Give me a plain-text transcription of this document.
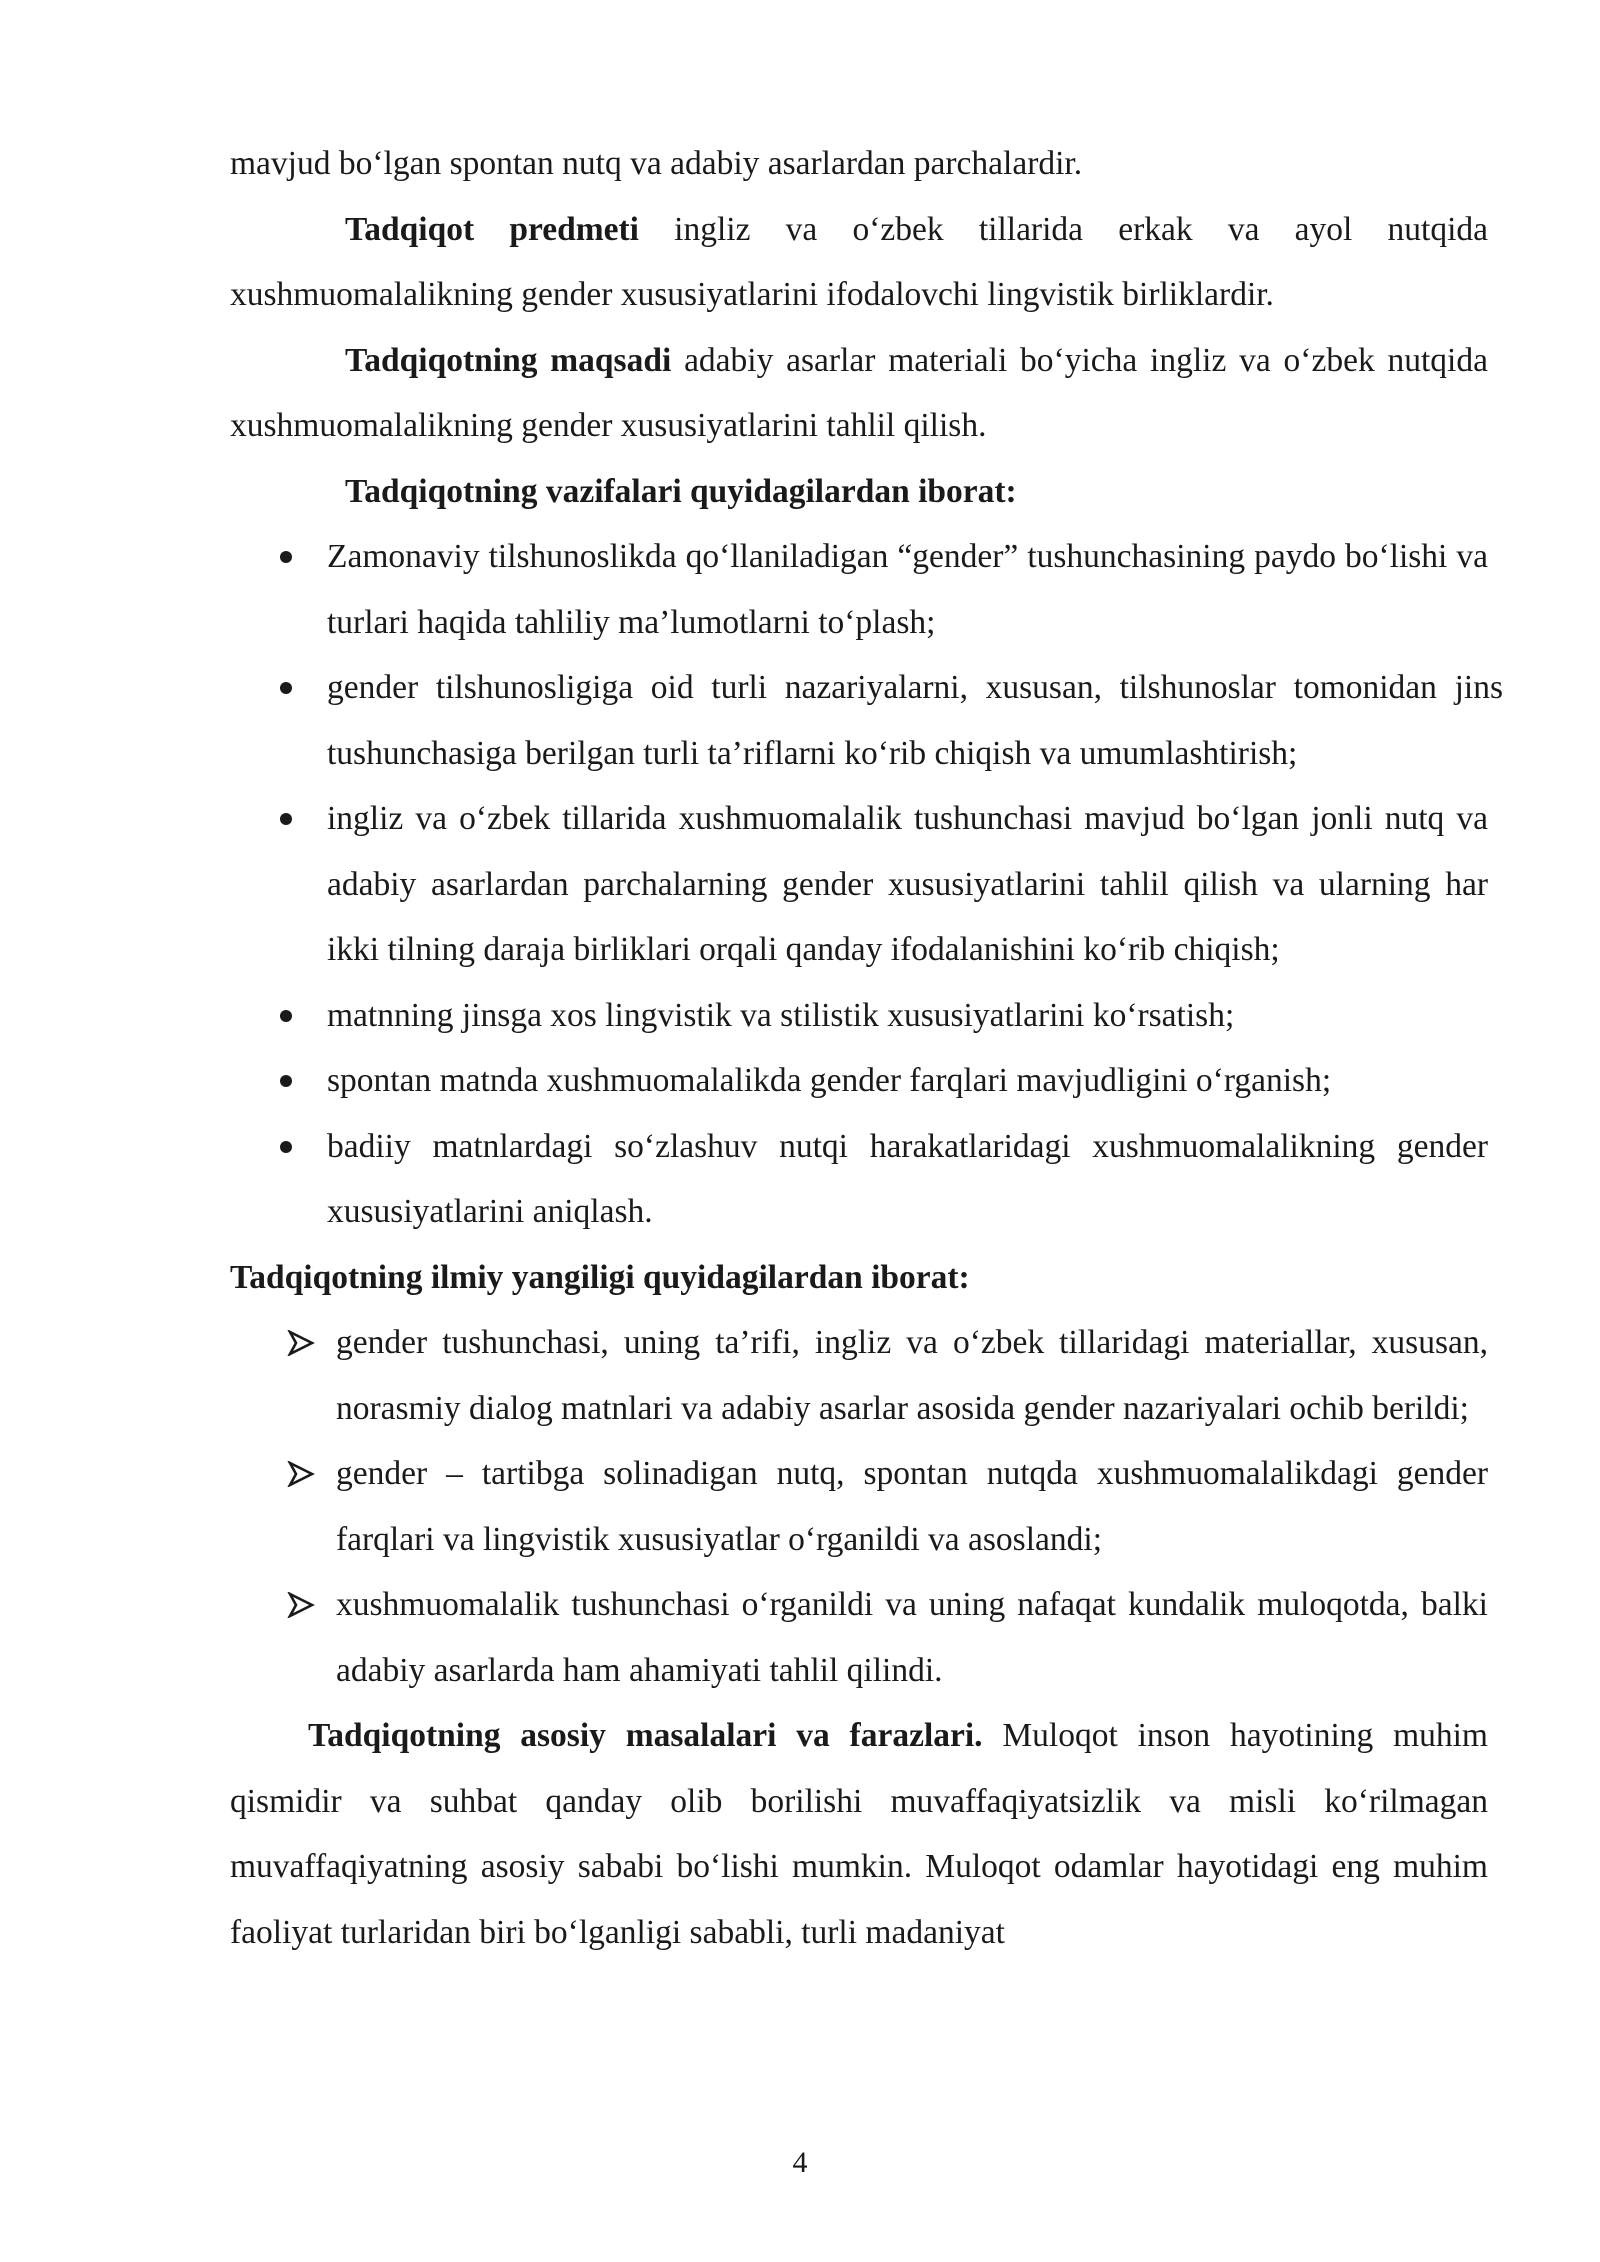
mavjud bo‘lgan spontan nutq va adabiy asarlardan parchalardir.

Tadqiqot predmeti ingliz va o‘zbek tillarida erkak va ayol nutqida xushmuomalalikning gender xususiyatlarini ifodalovchi lingvistik birliklardir.

Tadqiqotning maqsadi adabiy asarlar materiali bo‘yicha ingliz va o‘zbek nutqida xushmuomalalikning gender xususiyatlarini tahlil qilish.

Tadqiqotning vazifalari quyidagilardan iborat:

Zamonaviy tilshunoslikda qo‘llaniladigan “gender” tushunchasining paydo bo‘lishi va turlari haqida tahliliy ma’lumotlarni to‘plash;
gender tilshunosligiga oid turli nazariyalarni, xususan, tilshunoslar tomonidan jins tushunchasiga berilgan turli ta’riflarni ko‘rib chiqish va umumlashtirish;
ingliz va o‘zbek tillarida xushmuomalalik tushunchasi mavjud bo‘lgan jonli nutq va adabiy asarlardan parchalarning gender xususiyatlarini tahlil qilish va ularning har ikki tilning daraja birliklari orqali qanday ifodalanishini ko‘rib chiqish;
matnning jinsga xos lingvistik va stilistik xususiyatlarini ko‘rsatish;
spontan matnda xushmuomalalikda gender farqlari mavjudligini o‘rganish;
badiiy matnlardagi so‘zlashuv nutqi harakatlaridagi xushmuomalalikning gender xususiyatlarini aniqlash.

Tadqiqotning ilmiy yangiligi quyidagilardan iborat:

gender tushunchasi, uning ta’rifi, ingliz va o‘zbek tillaridagi materiallar, xususan, norasmiy dialog matnlari va adabiy asarlar asosida gender nazariyalari ochib berildi;
gender – tartibga solinadigan nutq, spontan nutqda xushmuomalalikdagi gender farqlari va lingvistik xususiyatlar o‘rganildi va asoslandi;
xushmuomalalik tushunchasi o‘rganildi va uning nafaqat kundalik muloqotda, balki adabiy asarlarda ham ahamiyati tahlil qilindi.

Tadqiqotning asosiy masalalari va farazlari. Muloqot inson hayotining muhim qismidir va suhbat qanday olib borilishi muvaffaqiyatsizlik va misli ko‘rilmagan muvaffaqiyatning asosiy sababi bo‘lishi mumkin. Muloqot odamlar hayotidagi eng muhim faoliyat turlaridan biri bo‘lganligi sababli, turli madaniyat

4
